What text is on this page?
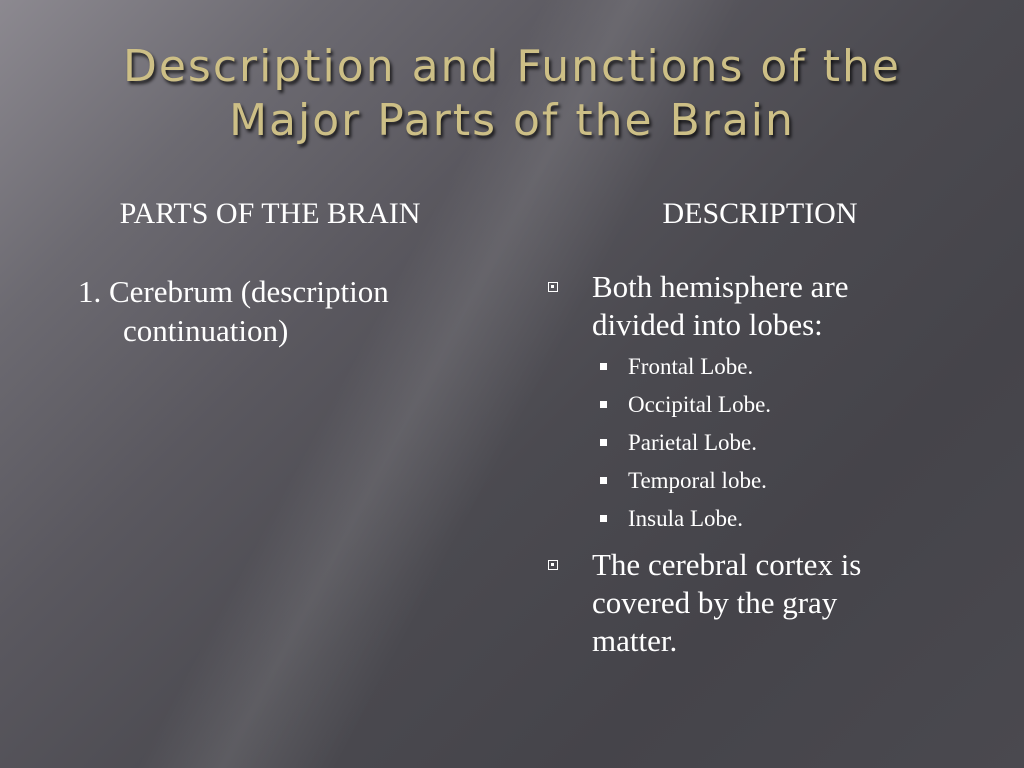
Description and Functions of the
Major Parts of the Brain
PARTS OF THE BRAIN	DESCRIPTION
1. Cerebrum (description
continuation)
Both hemisphere are
divided into lobes:
Frontal Lobe.
Occipital Lobe.
Parietal Lobe.
Temporal lobe.
Insula Lobe.
The cerebral cortex is
covered by the gray
matter.
